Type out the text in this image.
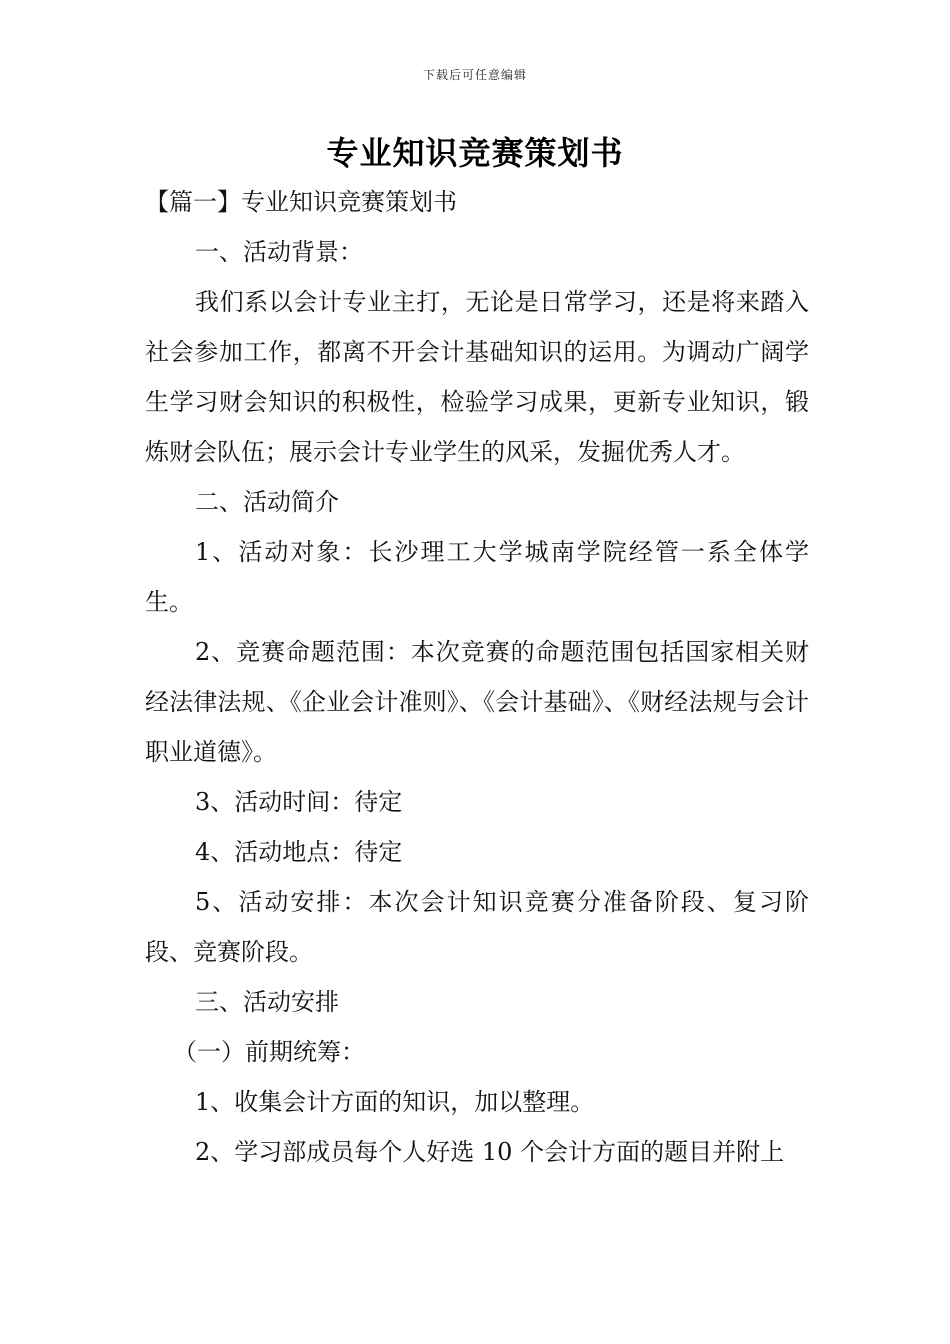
下载后可任意编辑
专业知识竞赛策划书

【篇一】专业知识竞赛策划书

一、活动背景：

我们系以会计专业主打，无论是日常学习，还是将来踏入社会参加工作，都离不开会计基础知识的运用。为调动广阔学生学习财会知识的积极性，检验学习成果，更新专业知识，锻炼财会队伍；展示会计专业学生的风采，发掘优秀人才。

二、活动简介

1、活动对象：长沙理工大学城南学院经管一系全体学生。

2、竞赛命题范围：本次竞赛的命题范围包括国家相关财经法律法规、《企业会计准则》、《会计基础》、《财经法规与会计职业道德》。

3、活动时间：待定

4、活动地点：待定

5、活动安排：本次会计知识竞赛分准备阶段、复习阶段、竞赛阶段。

三、活动安排

（一）前期统筹：

1、收集会计方面的知识，加以整理。

2、学习部成员每个人好选 10 个会计方面的题目并附上
